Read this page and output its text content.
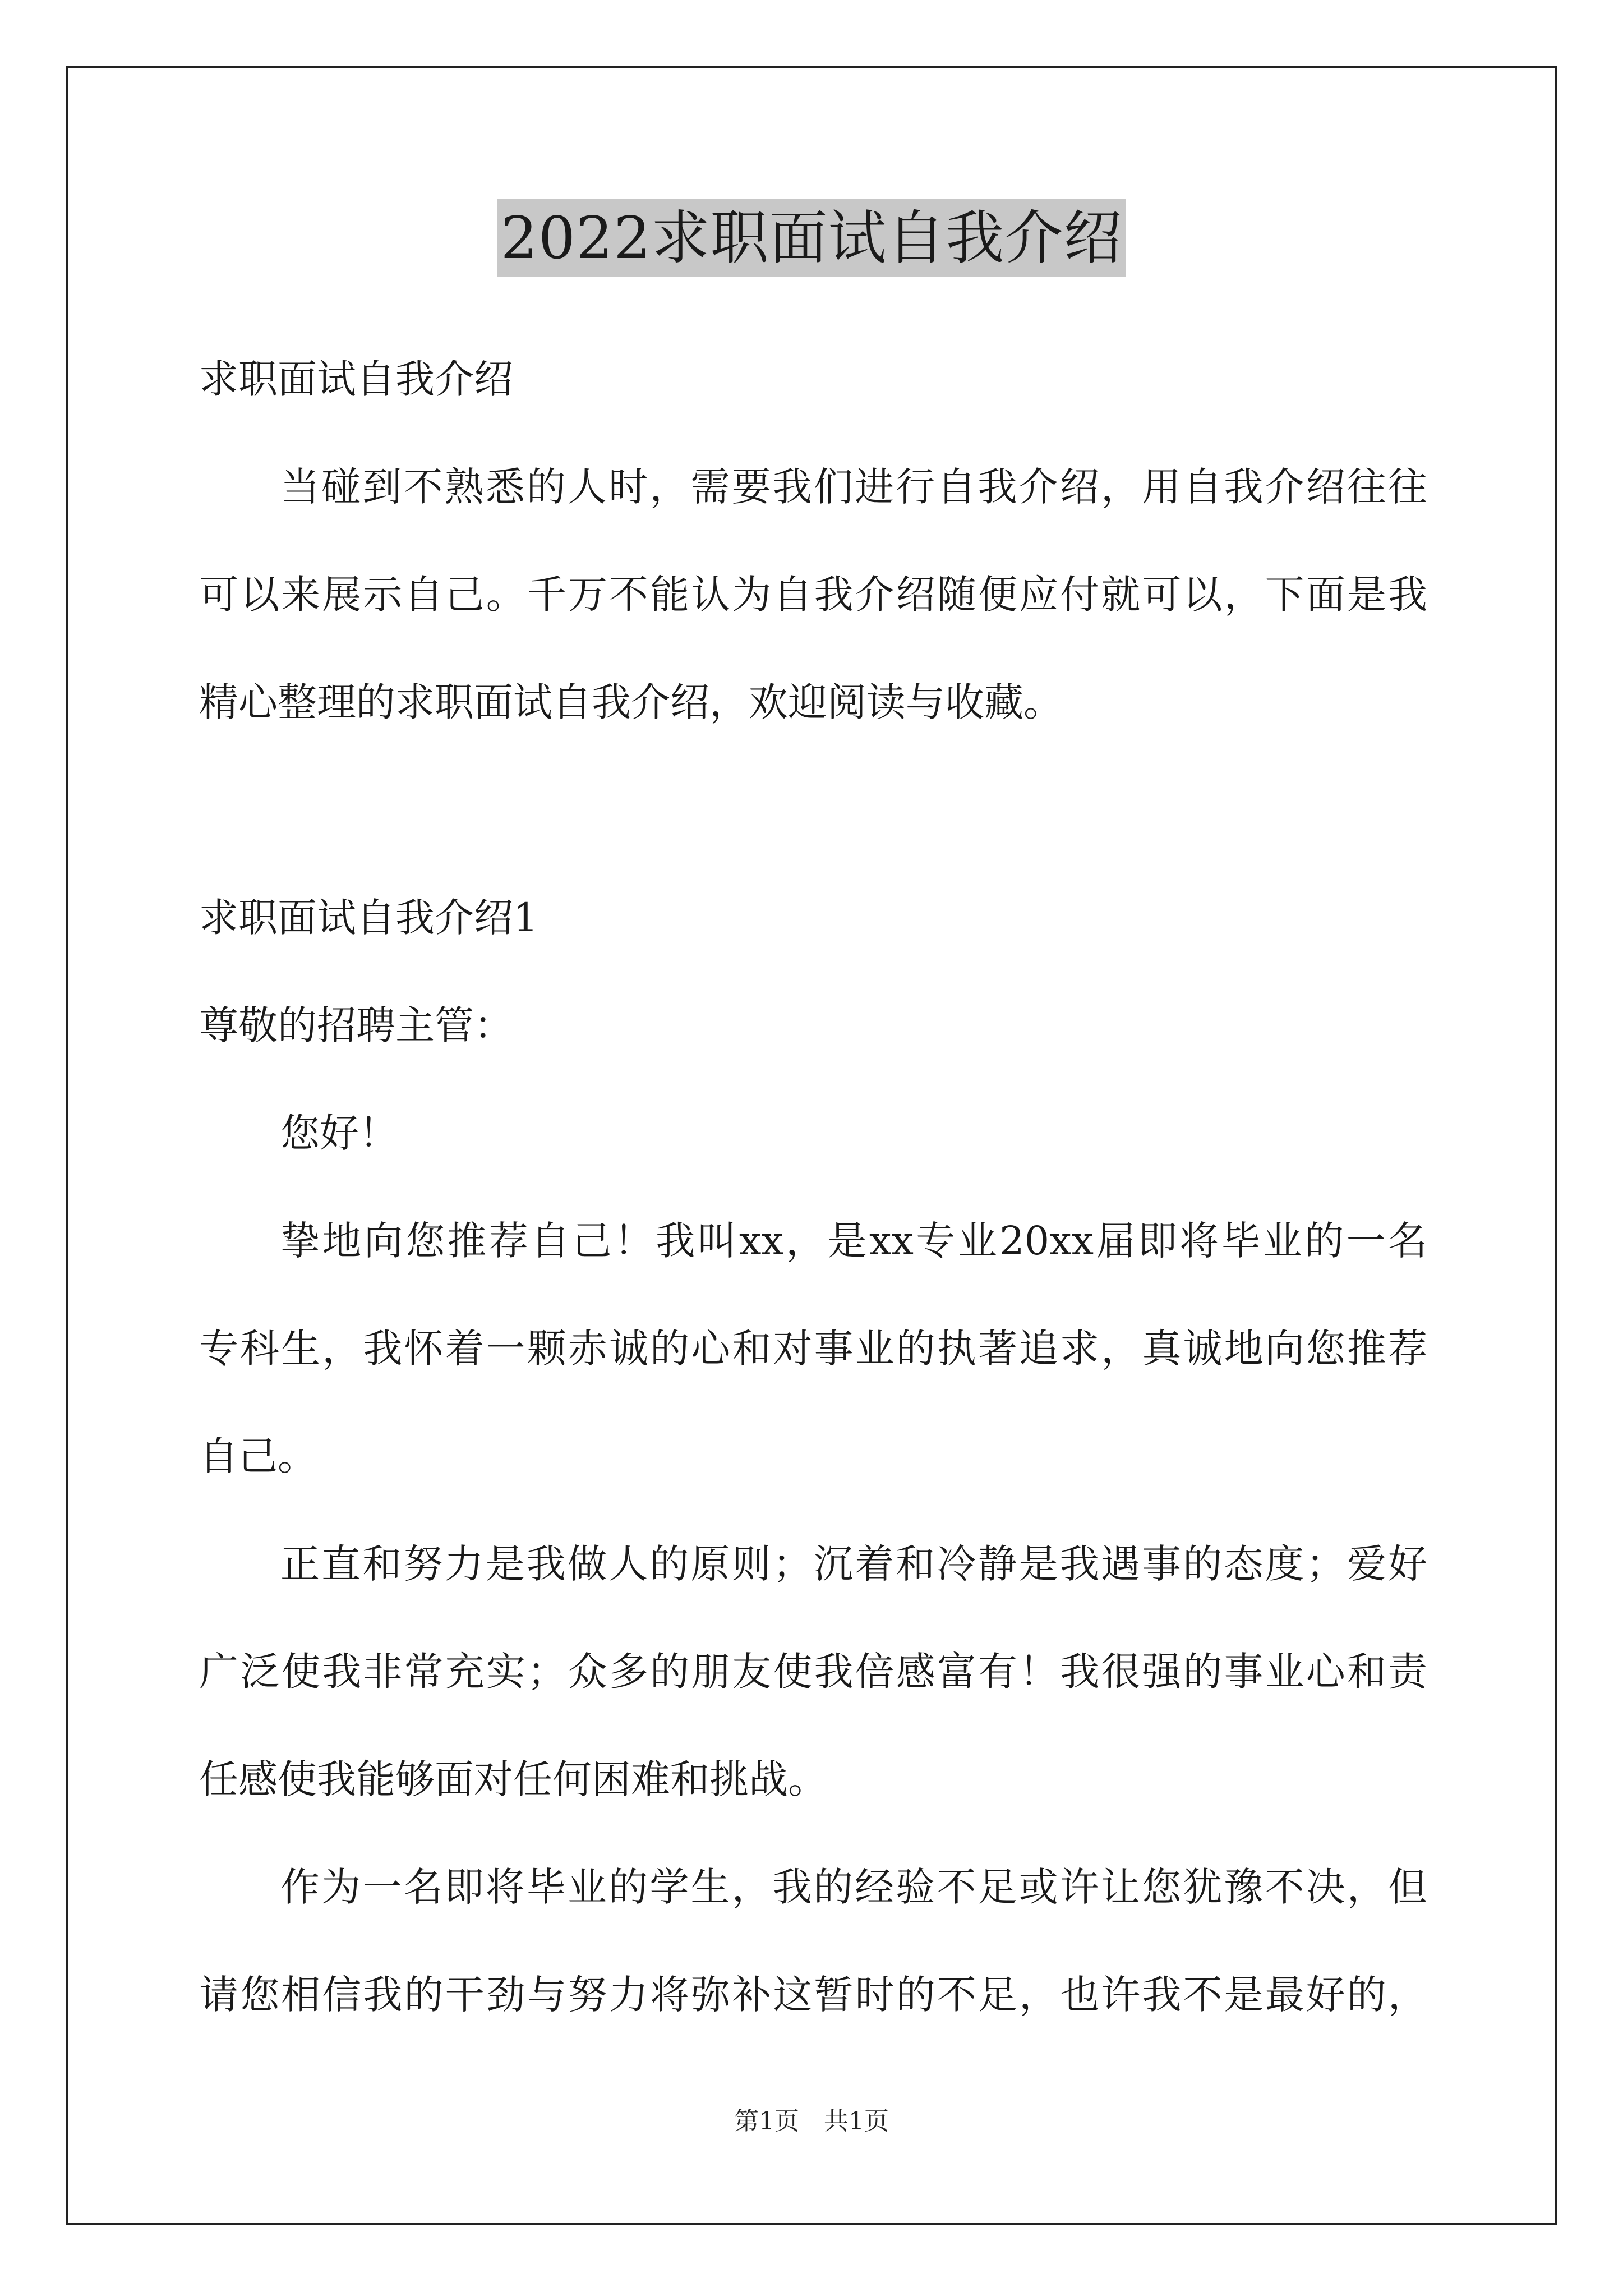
2022求职面试自我介绍
求职面试自我介绍
当碰到不熟悉的人时，需要我们进行自我介绍，用自我介绍往往
可以来展示自己。千万不能认为自我介绍随便应付就可以，下面是我
精心整理的求职面试自我介绍，欢迎阅读与收藏。
求职面试自我介绍1
尊敬的招聘主管：
您好！
挚地向您推荐自己！我叫xx，是xx专业20xx届即将毕业的一名
专科生，我怀着一颗赤诚的心和对事业的执著追求，真诚地向您推荐
自己。
正直和努力是我做人的原则；沉着和冷静是我遇事的态度；爱好
广泛使我非常充实；众多的朋友使我倍感富有！我很强的事业心和责
任感使我能够面对任何困难和挑战。
作为一名即将毕业的学生，我的经验不足或许让您犹豫不决，但
请您相信我的干劲与努力将弥补这暂时的不足，也许我不是最好的，
第1页　共1页
